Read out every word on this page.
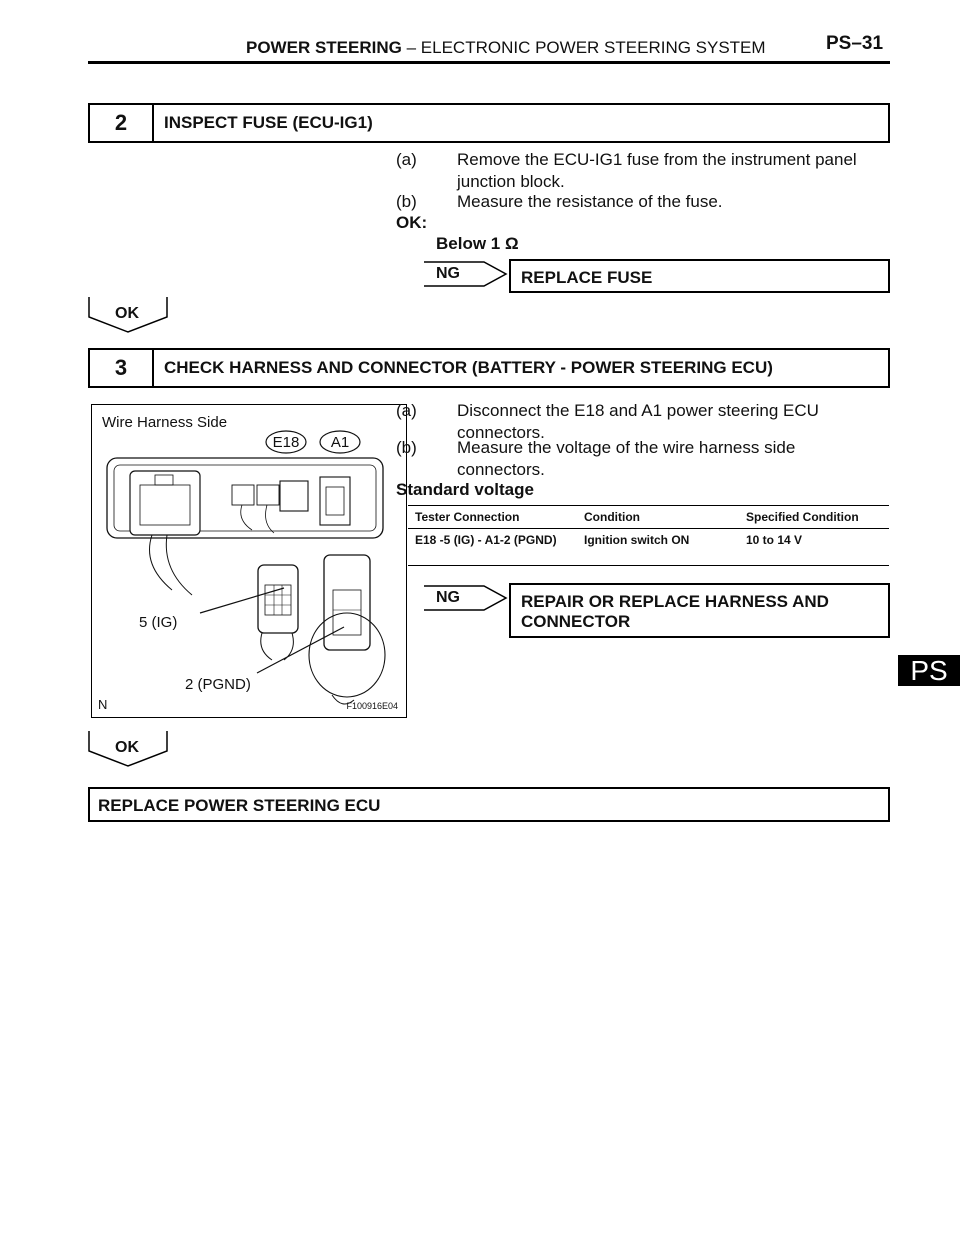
POWER STEERING – ELECTRONIC POWER STEERING SYSTEM	PS–31
PS
2	INSPECT FUSE (ECU-IG1)
(a) Remove the ECU-IG1 fuse from the instrument panel junction block.
(b) Measure the resistance of the fuse.
OK:
Below 1 Ω
NG	REPLACE FUSE
OK
3	CHECK HARNESS AND CONNECTOR (BATTERY - POWER STEERING ECU)
Wire Harness Side
E18 A1
5 (IG)
2 (PGND)
N	F100916E04
(a) Disconnect the E18 and A1 power steering ECU connectors.
(b) Measure the voltage of the wire harness side connectors.
Standard voltage
Tester Connection	Condition	Specified Condition
E18 -5 (IG) - A1-2 (PGND)	Ignition switch ON	10 to 14 V
NG	REPAIR OR REPLACE HARNESS AND CONNECTOR
OK
REPLACE POWER STEERING ECU
